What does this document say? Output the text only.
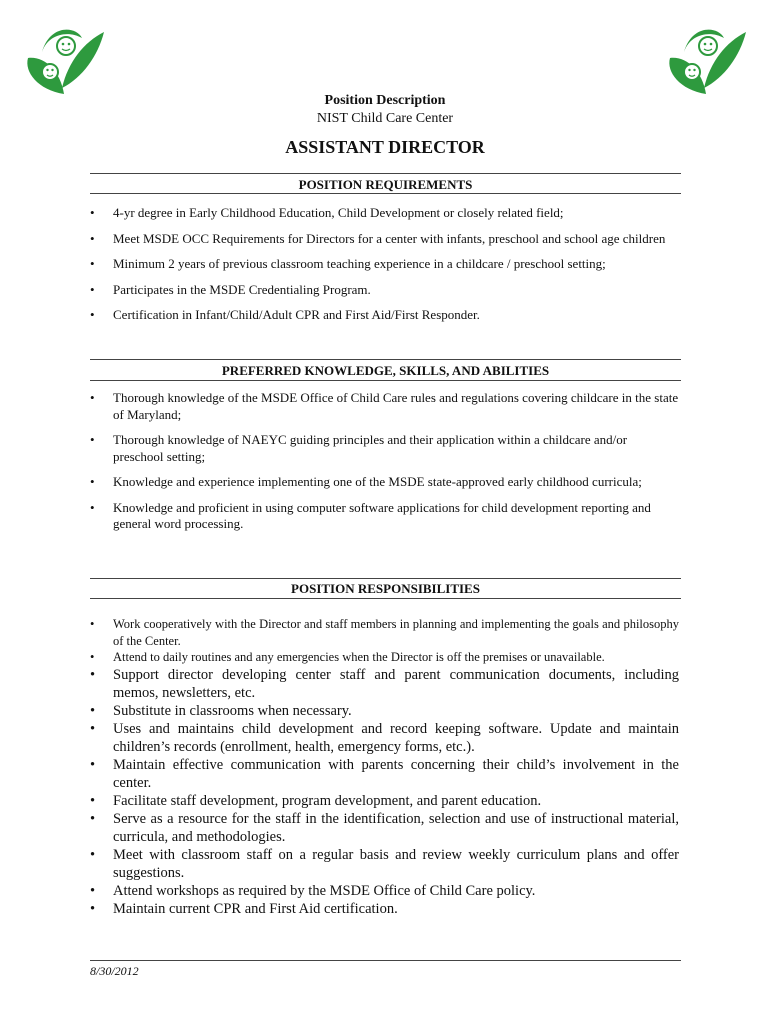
Position Description

NIST Child Care Center

ASSISTANT DIRECTOR

POSITION REQUIREMENTS

• 4-yr degree in Early Childhood Education, Child Development or closely related field;
• Meet MSDE OCC Requirements for Directors for a center with infants, preschool and school age children
• Minimum 2 years of previous classroom teaching experience in a childcare / preschool setting;
• Participates in the MSDE Credentialing Program.
• Certification in Infant/Child/Adult CPR and First Aid/First Responder.

PREFERRED KNOWLEDGE, SKILLS, AND ABILITIES

• Thorough knowledge of the MSDE Office of Child Care rules and regulations covering childcare in the state of Maryland;
• Thorough knowledge of NAEYC guiding principles and their application within a childcare and/or preschool setting;
• Knowledge and experience implementing one of the MSDE state-approved early childhood curricula;
• Knowledge and proficient in using computer software applications for child development reporting and general word processing.

POSITION RESPONSIBILITIES

• Work cooperatively with the Director and staff members in planning and implementing the goals and philosophy of the Center.
• Attend to daily routines and any emergencies when the Director is off the premises or unavailable.
• Support director developing center staff and parent communication documents, including memos, newsletters, etc.
• Substitute in classrooms when necessary.
• Uses and maintains child development and record keeping software. Update and maintain children’s records (enrollment, health, emergency forms, etc.).
• Maintain effective communication with parents concerning their child’s involvement in the center.
• Facilitate staff development, program development, and parent education.
• Serve as a resource for the staff in the identification, selection and use of instructional material, curricula, and methodologies.
• Meet with classroom staff on a regular basis and review weekly curriculum plans and offer suggestions.
• Attend workshops as required by the MSDE Office of Child Care policy.
• Maintain current CPR and First Aid certification.

8/30/2012
